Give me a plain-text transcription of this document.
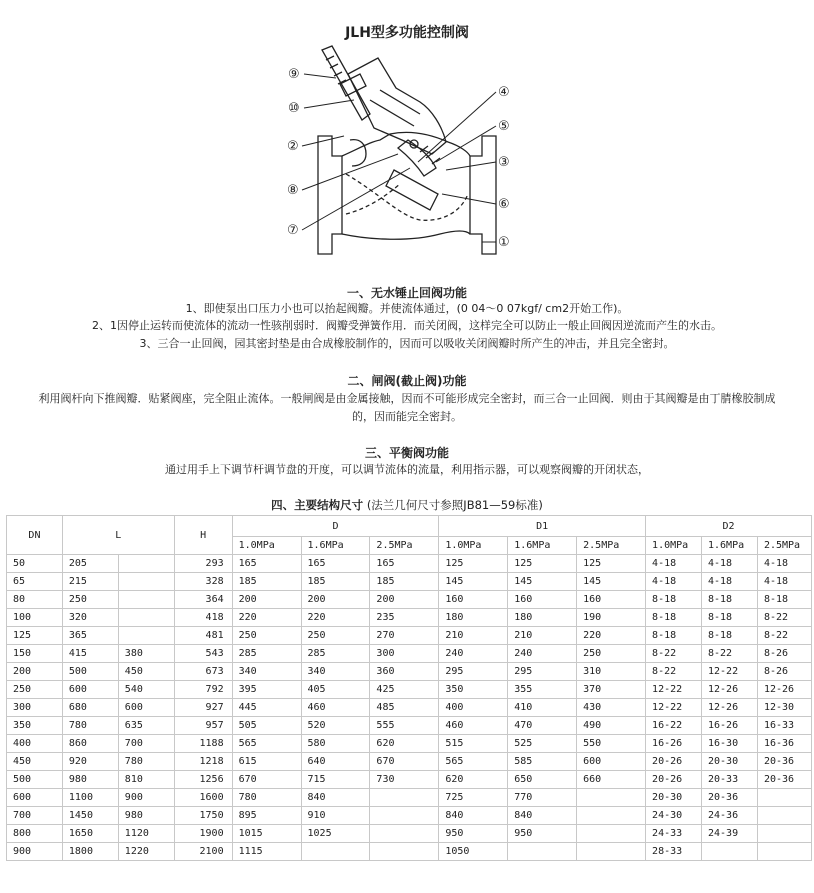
JLH型多功能控制阀
⑨
⑩
②
⑧
⑦
④
⑤
③
⑥
①
一、无水锤止回阀功能
1、即使泵出口压力小也可以抬起阀瓣。并使流体通过，(0 04～0 07kgf/ cm2开始工作)。
2、1因停止运转而使流体的流动一性骇削弱时．阀瓣受弹簧作用．而关闭阀，这样完全可以防止一般止回阀因逆流而产生的水击。
3、三合一止回阀，园其密封垫是由合成橡胶制作的，因而可以吸收关闭阀瓣时所产生的冲击，并且完全密封。
二、闸阀(截止阀)功能
利用阀杆向下推阀瓣．贴紧阀座，完全阻止流体。一般闸阀是由金属接触，因而不可能形成完全密封，而三合一止回阀．则由于其阀瓣是由丁腈橡胶制成
的，因而能完全密封。
三、平衡阀功能
通过用手上下调节杆调节盘的开度，可以调节流体的流量，利用指示器，可以观察阀瓣的开闭状态，
四、主要结构尺寸 (法兰几何尺寸参照JB81—59标准)
DN	L		H	D			D1			D2		
				1.0MPa	1.6MPa	2.5MPa	1.0MPa	1.6MPa	2.5MPa	1.0MPa	1.6MPa	2.5MPa
50	205		293	165	165	165	125	125	125	4-18	4-18	4-18
65	215		328	185	185	185	145	145	145	4-18	4-18	4-18
80	250		364	200	200	200	160	160	160	8-18	8-18	8-18
100	320		418	220	220	235	180	180	190	8-18	8-18	8-22
125	365		481	250	250	270	210	210	220	8-18	8-18	8-22
150	415	380	543	285	285	300	240	240	250	8-22	8-22	8-26
200	500	450	673	340	340	360	295	295	310	8-22	12-22	8-26
250	600	540	792	395	405	425	350	355	370	12-22	12-26	12-26
300	680	600	927	445	460	485	400	410	430	12-22	12-26	12-30
350	780	635	957	505	520	555	460	470	490	16-22	16-26	16-33
400	860	700	1188	565	580	620	515	525	550	16-26	16-30	16-36
450	920	780	1218	615	640	670	565	585	600	20-26	20-30	20-36
500	980	810	1256	670	715	730	620	650	660	20-26	20-33	20-36
600	1100	900	1600	780	840		725	770		20-30	20-36	
700	1450	980	1750	895	910		840	840		24-30	24-36	
800	1650	1120	1900	1015	1025		950	950		24-33	24-39	
900	1800	1220	2100	1115			1050			28-33		
